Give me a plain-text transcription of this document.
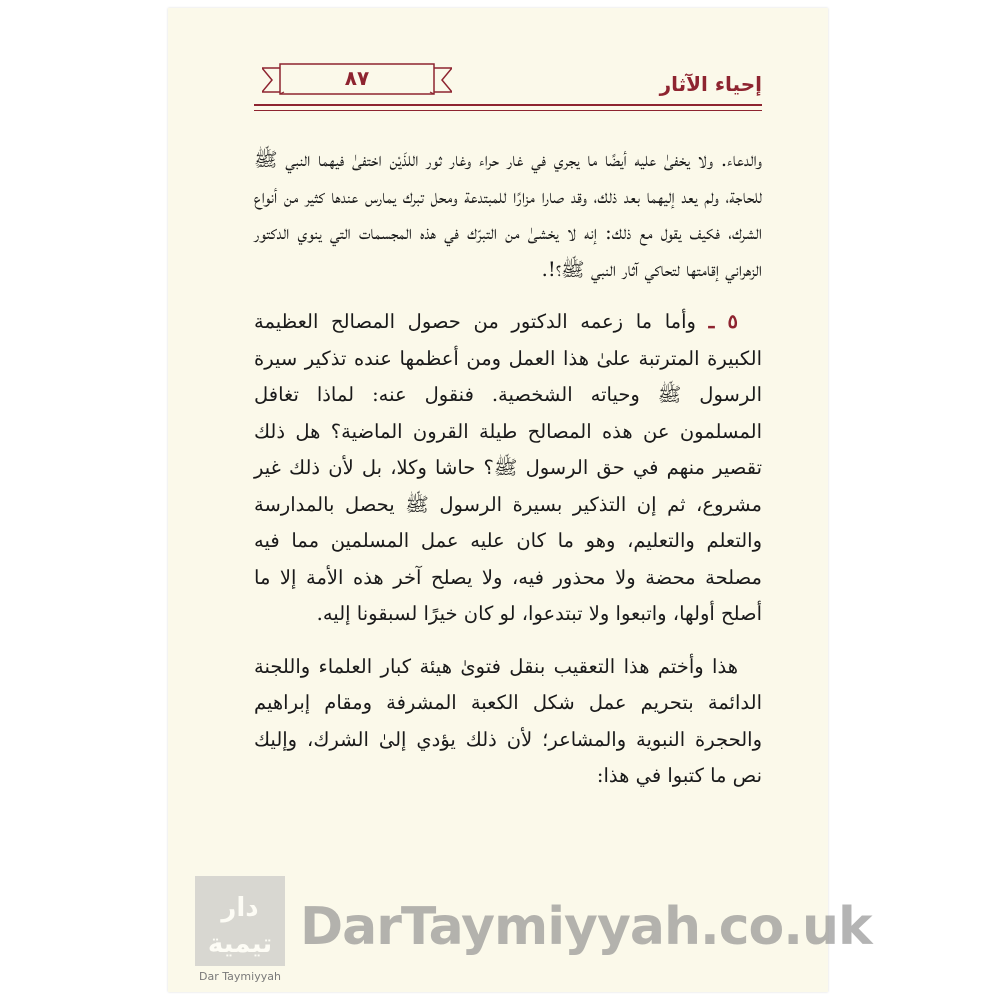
إحياء الآثار
٨٧

والدعاء. ولا يخفىٰ عليه أيضًا ما يجري في غار حراء وغار ثور اللذَيْن اختفىٰ فيهما النبي ﷺ للحاجة، ولم يعد إليهما بعد ذلك، وقد صارا مزارًا للمبتدعة ومحل تبرك يمارس عندها كثير من أنواع الشرك، فكيف يقول مع ذلك: إنه لا يخشىٰ من التبرّك في هذه المجسمات التي ينوي الدكتور الزهراني إقامتها لتحاكي آثار النبي ﷺ؟!.

٥ ـ وأما ما زعمه الدكتور من حصول المصالح العظيمة الكبيرة المترتبة علىٰ هذا العمل ومن أعظمها عنده تذكير سيرة الرسول ﷺ وحياته الشخصية. فنقول عنه: لماذا تغافل المسلمون عن هذه المصالح طيلة القرون الماضية؟ هل ذلك تقصير منهم في حق الرسول ﷺ؟ حاشا وكلا، بل لأن ذلك غير مشروع، ثم إن التذكير بسيرة الرسول ﷺ يحصل بالمدارسة والتعلم والتعليم، وهو ما كان عليه عمل المسلمين مما فيه مصلحة محضة ولا محذور فيه، ولا يصلح آخر هذه الأمة إلا ما أصلح أولها، واتبعوا ولا تبتدعوا، لو كان خيرًا لسبقونا إليه.

هذا وأختم هذا التعقيب بنقل فتوىٰ هيئة كبار العلماء واللجنة الدائمة بتحريم عمل شكل الكعبة المشرفة ومقام إبراهيم والحجرة النبوية والمشاعر؛ لأن ذلك يؤدي إلىٰ الشرك، وإليك نص ما كتبوا في هذا:

دار
تيمية
Dar Taymiyyah
DarTaymiyyah.co.uk
